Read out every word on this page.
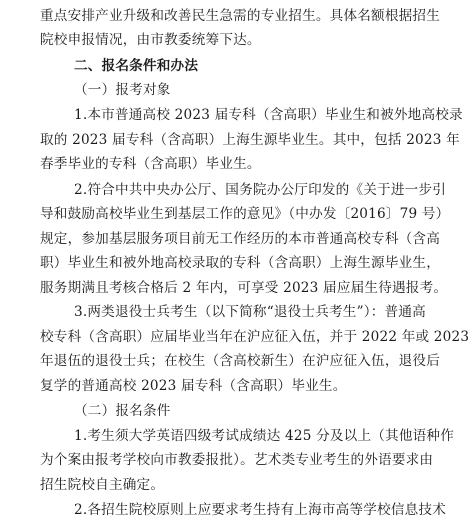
重点安排产业升级和改善民生急需的专业招生。具体名额根据招生
院校申报情况，由市教委统筹下达。
二、报名条件和办法
（一）报考对象
1.本市普通高校 2023 届专科（含高职）毕业生和被外地高校录
取的 2023 届专科（含高职）上海生源毕业生。其中，包括 2023 年
春季毕业的专科（含高职）毕业生。
2.符合中共中央办公厅、国务院办公厅印发的《关于进一步引
导和鼓励高校毕业生到基层工作的意见》（中办发〔2016〕79 号）
规定，参加基层服务项目前无工作经历的本市普通高校专科（含高
职）毕业生和被外地高校录取的专科（含高职）上海生源毕业生，
服务期满且考核合格后 2 年内，可享受 2023 届应届生待遇报考。
3.两类退役士兵考生（以下简称“退役士兵考生”）：普通高
校专科（含高职）应届毕业当年在沪应征入伍，并于 2022 年或 2023
年退伍的退役士兵；在校生（含高校新生）在沪应征入伍，退役后
复学的普通高校 2023 届专科（含高职）毕业生。
（二）报名条件
1.考生须大学英语四级考试成绩达 425 分及以上（其他语种作
为个案由报考学校向市教委报批）。艺术类专业考生的外语要求由
招生院校自主确定。
2.各招生院校原则上应要求考生持有上海市高等学校信息技术
